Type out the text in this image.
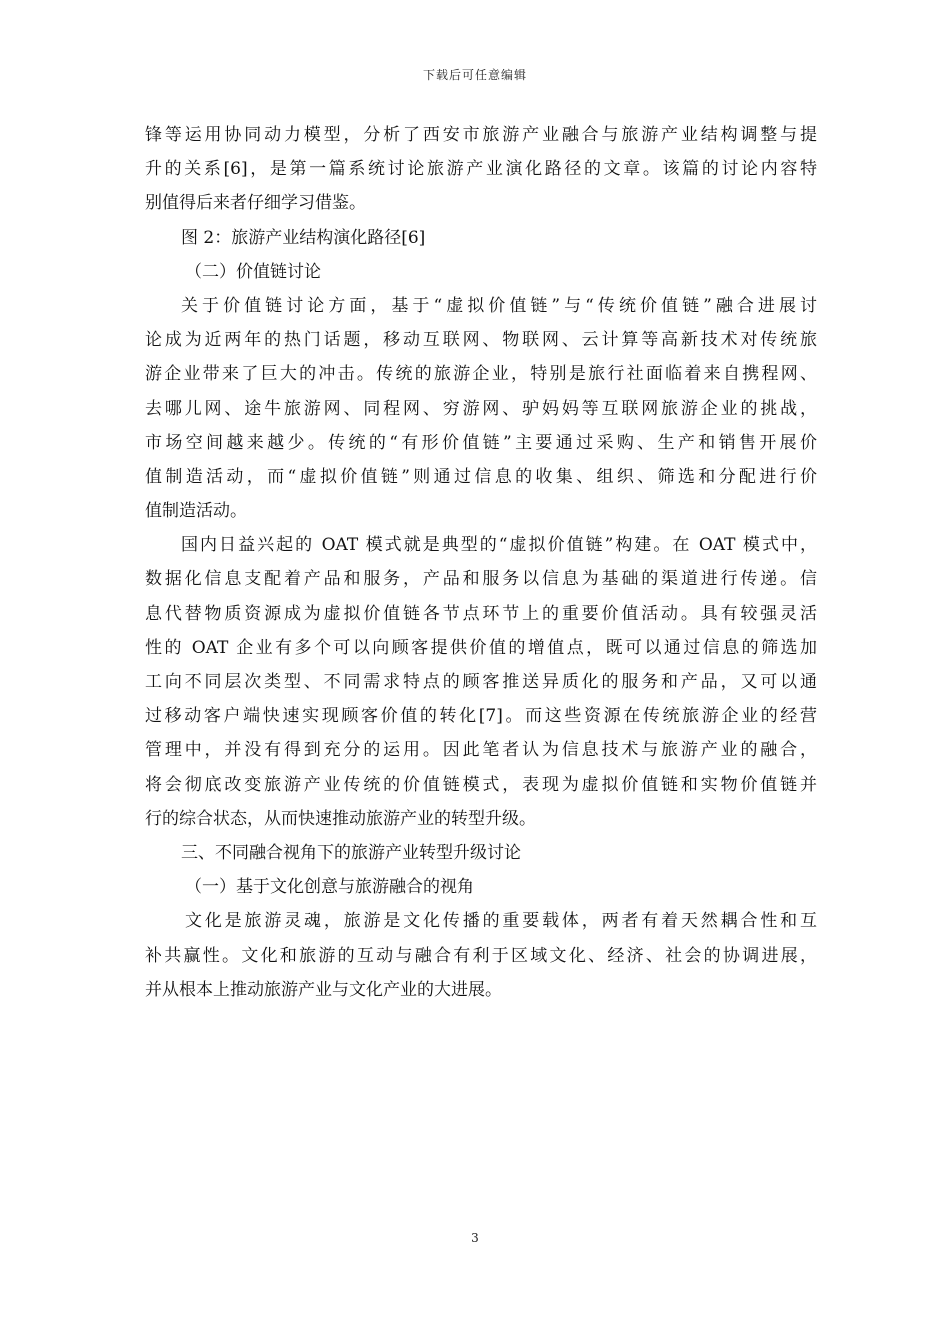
下载后可任意编辑
锋等运用协同动力模型，分析了西安市旅游产业融合与旅游产业结构调整与提
升的关系[6]，是第一篇系统讨论旅游产业演化路径的文章。该篇的讨论内容特
别值得后来者仔细学习借鉴。
图 2：旅游产业结构演化路径[6]
（二）价值链讨论
关于价值链讨论方面，基于“虚拟价值链”与“传统价值链”融合进展讨
论成为近两年的热门话题，移动互联网、物联网、云计算等高新技术对传统旅
游企业带来了巨大的冲击。传统的旅游企业，特别是旅行社面临着来自携程网、
去哪儿网、途牛旅游网、同程网、穷游网、驴妈妈等互联网旅游企业的挑战，
市场空间越来越少。传统的“有形价值链”主要通过采购、生产和销售开展价
值制造活动，而“虚拟价值链”则通过信息的收集、组织、筛选和分配进行价
值制造活动。
国内日益兴起的 OAT 模式就是典型的“虚拟价值链”构建。在 OAT 模式中，
数据化信息支配着产品和服务，产品和服务以信息为基础的渠道进行传递。信
息代替物质资源成为虚拟价值链各节点环节上的重要价值活动。具有较强灵活
性的 OAT 企业有多个可以向顾客提供价值的增值点，既可以通过信息的筛选加
工向不同层次类型、不同需求特点的顾客推送异质化的服务和产品，又可以通
过移动客户端快速实现顾客价值的转化[7]。而这些资源在传统旅游企业的经营
管理中，并没有得到充分的运用。因此笔者认为信息技术与旅游产业的融合，
将会彻底改变旅游产业传统的价值链模式，表现为虚拟价值链和实物价值链并
行的综合状态，从而快速推动旅游产业的转型升级。
三、不同融合视角下的旅游产业转型升级讨论
（一）基于文化创意与旅游融合的视角
文化是旅游灵魂，旅游是文化传播的重要载体，两者有着天然耦合性和互
补共赢性。文化和旅游的互动与融合有利于区域文化、经济、社会的协调进展，
并从根本上推动旅游产业与文化产业的大进展。
3
